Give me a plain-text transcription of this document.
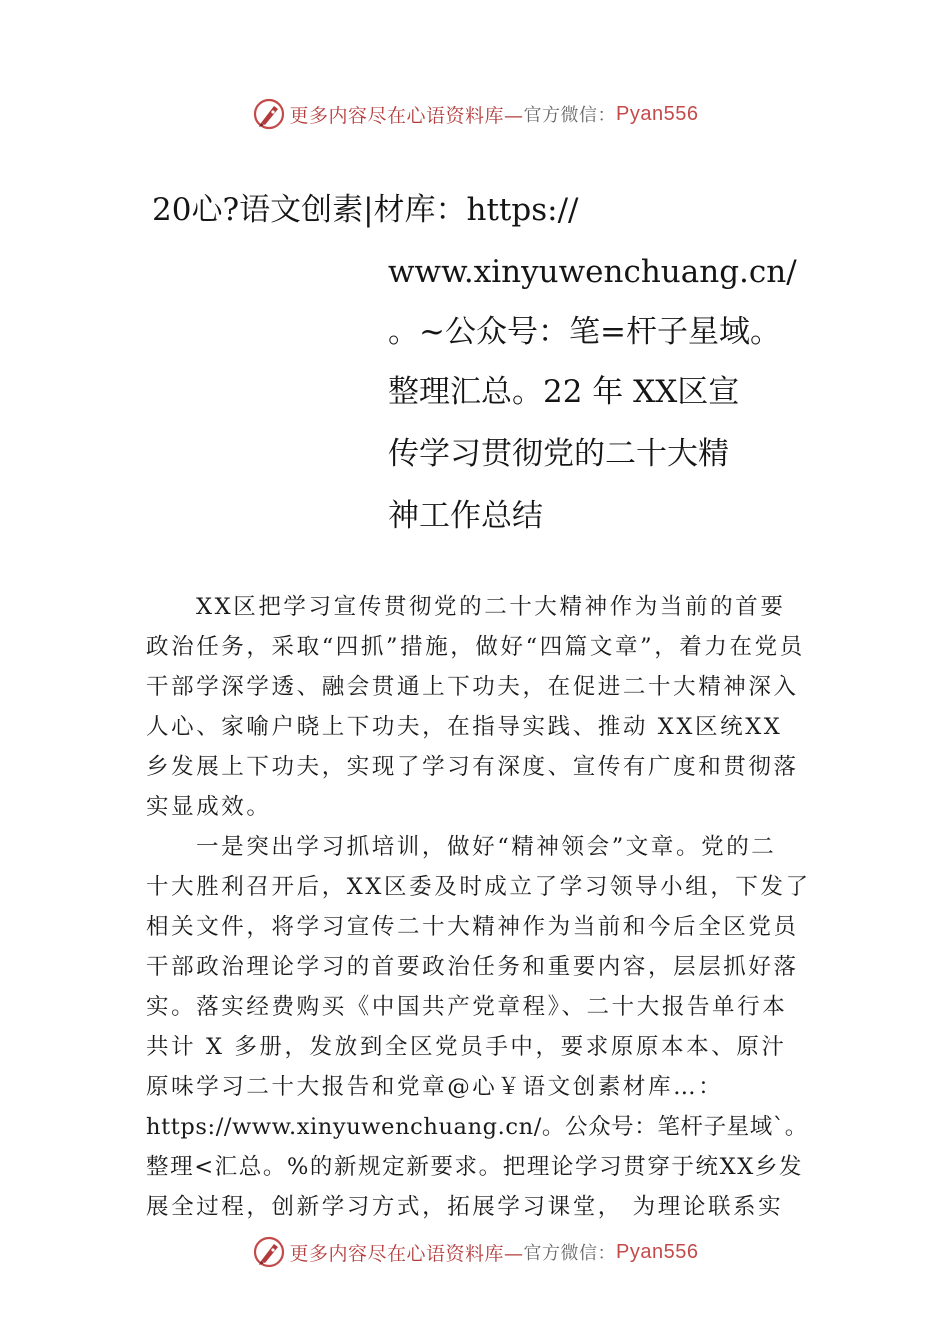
更多内容尽在心语资料库— 官方微信： Pyan556
20心?语文创素|材库：https://
www.xinyuwenchuang.cn/
。~公众号：笔=杆子星域。
整理汇总。22 年 XX区宣
传学习贯彻党的二十大精
神工作总结
XX区把学习宣传贯彻党的二十大精神作为当前的首要
政治任务，采取“四抓”措施，做好“四篇文章”，着力在党员
干部学深学透、融会贯通上下功夫，在促进二十大精神深入
人心、家喻户晓上下功夫，在指导实践、推动 XX区统XX
乡发展上下功夫，实现了学习有深度、宣传有广度和贯彻落
实显成效。
一是突出学习抓培训，做好“精神领会”文章。党的二
十大胜利召开后，XX区委及时成立了学习领导小组，下发了
相关文件，将学习宣传二十大精神作为当前和今后全区党员
干部政治理论学习的首要政治任务和重要内容，层层抓好落
实。落实经费购买《中国共产党章程》、二十大报告单行本
共计 X 多册，发放到全区党员手中，要求原原本本、原汁
原味学习二十大报告和党章@心￥语文创素材库…：
https://www.xinyuwenchuang.cn/。公众号：笔杆子星域`。
整理<汇总。%的新规定新要求。把理论学习贯穿于统XX乡发
展全过程，创新学习方式，拓展学习课堂， 为理论联系实
更多内容尽在心语资料库— 官方微信： Pyan556
